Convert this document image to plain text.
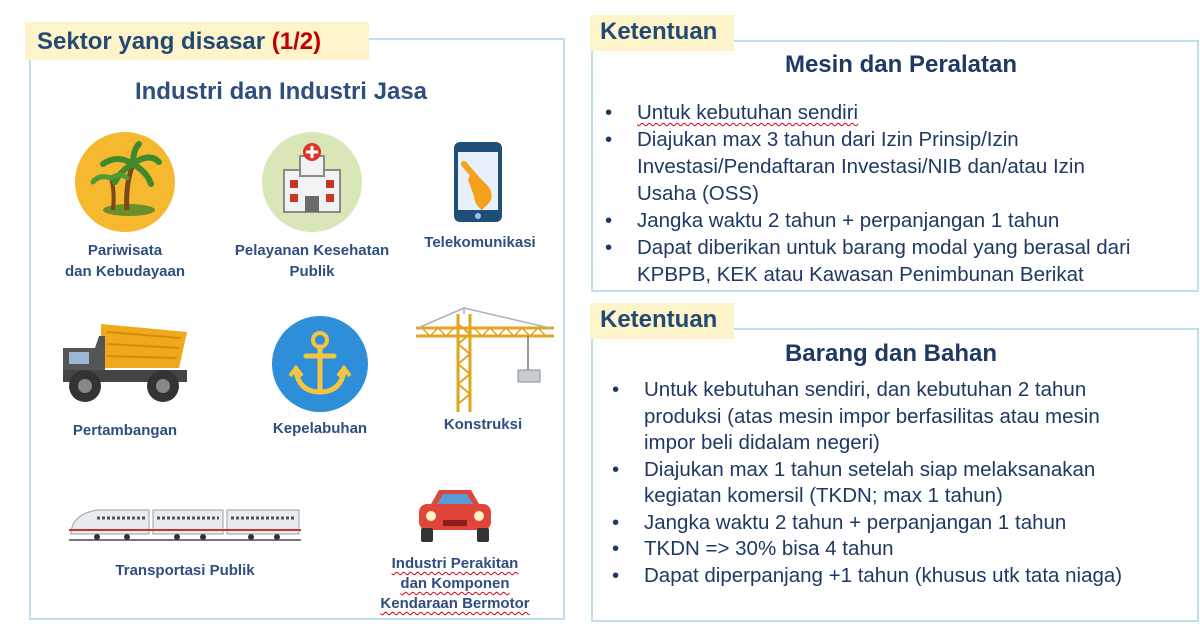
Sektor yang disasar (1/2)
Industri dan Industri Jasa
Pariwisata
dan Kebudayaan
Pelayanan Kesehatan
Publik
Telekomunikasi
Pertambangan	Kepelabuhan	Konstruksi
Transportasi Publik	Industri Perakitan
dan Komponen
Kendaraan Bermotor
Ketentuan
Mesin dan Peralatan
• Untuk kebutuhan sendiri
• Diajukan max 3 tahun dari Izin Prinsip/Izin
Investasi/Pendaftaran Investasi/NIB dan/atau Izin
Usaha (OSS)
• Jangka waktu 2 tahun + perpanjangan 1 tahun
• Dapat diberikan untuk barang modal yang berasal dari
KPBPB, KEK atau Kawasan Penimbunan Berikat
Ketentuan
Barang dan Bahan
• Untuk kebutuhan sendiri, dan kebutuhan 2 tahun
produksi (atas mesin impor berfasilitas atau mesin
impor beli didalam negeri)
• Diajukan max 1 tahun setelah siap melaksanakan
kegiatan komersil (TKDN; max 1 tahun)
• Jangka waktu 2 tahun + perpanjangan 1 tahun
• TKDN => 30% bisa 4 tahun
• Dapat diperpanjang +1 tahun (khusus utk tata niaga)
